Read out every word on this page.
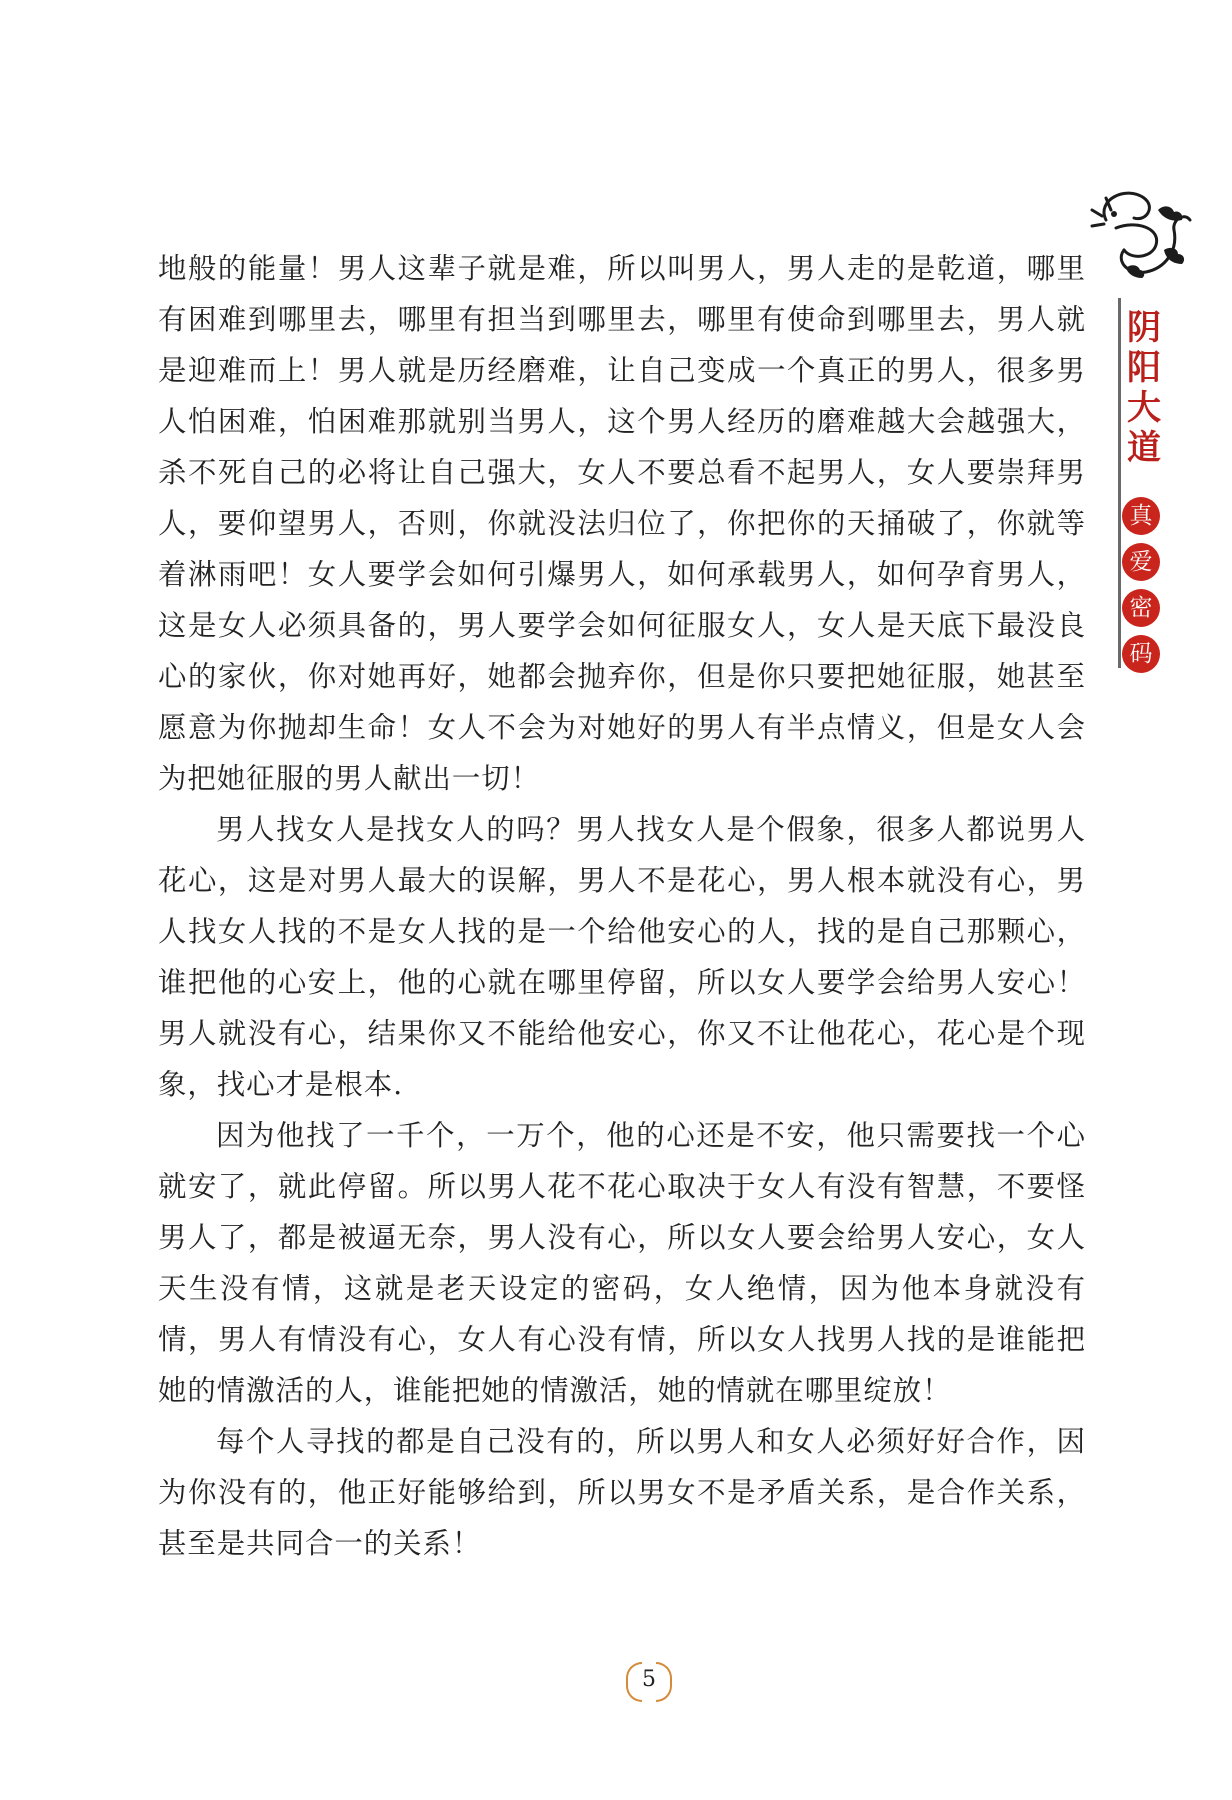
阴阳大道
真
爱
密
码

地般的能量！男人这辈子就是难，所以叫男人，男人走的是乾道，哪里有困难到哪里去，哪里有担当到哪里去，哪里有使命到哪里去，男人就是迎难而上！男人就是历经磨难，让自己变成一个真正的男人，很多男人怕困难，怕困难那就别当男人，这个男人经历的磨难越大会越强大，杀不死自己的必将让自己强大，女人不要总看不起男人，女人要崇拜男人，要仰望男人，否则，你就没法归位了，你把你的天捅破了，你就等着淋雨吧！女人要学会如何引爆男人，如何承载男人，如何孕育男人，这是女人必须具备的，男人要学会如何征服女人，女人是天底下最没良心的家伙，你对她再好，她都会抛弃你，但是你只要把她征服，她甚至愿意为你抛却生命！女人不会为对她好的男人有半点情义，但是女人会为把她征服的男人献出一切！

男人找女人是找女人的吗？男人找女人是个假象，很多人都说男人花心，这是对男人最大的误解，男人不是花心，男人根本就没有心，男人找女人找的不是女人找的是一个给他安心的人，找的是自己那颗心，谁把他的心安上，他的心就在哪里停留，所以女人要学会给男人安心！男人就没有心，结果你又不能给他安心，你又不让他花心，花心是个现象，找心才是根本.

因为他找了一千个，一万个，他的心还是不安，他只需要找一个心就安了，就此停留。所以男人花不花心取决于女人有没有智慧，不要怪男人了，都是被逼无奈，男人没有心，所以女人要会给男人安心，女人天生没有情，这就是老天设定的密码，女人绝情，因为他本身就没有情，男人有情没有心，女人有心没有情，所以女人找男人找的是谁能把她的情激活的人，谁能把她的情激活，她的情就在哪里绽放！

每个人寻找的都是自己没有的，所以男人和女人必须好好合作，因为你没有的，他正好能够给到，所以男女不是矛盾关系，是合作关系，甚至是共同合一的关系！

5
